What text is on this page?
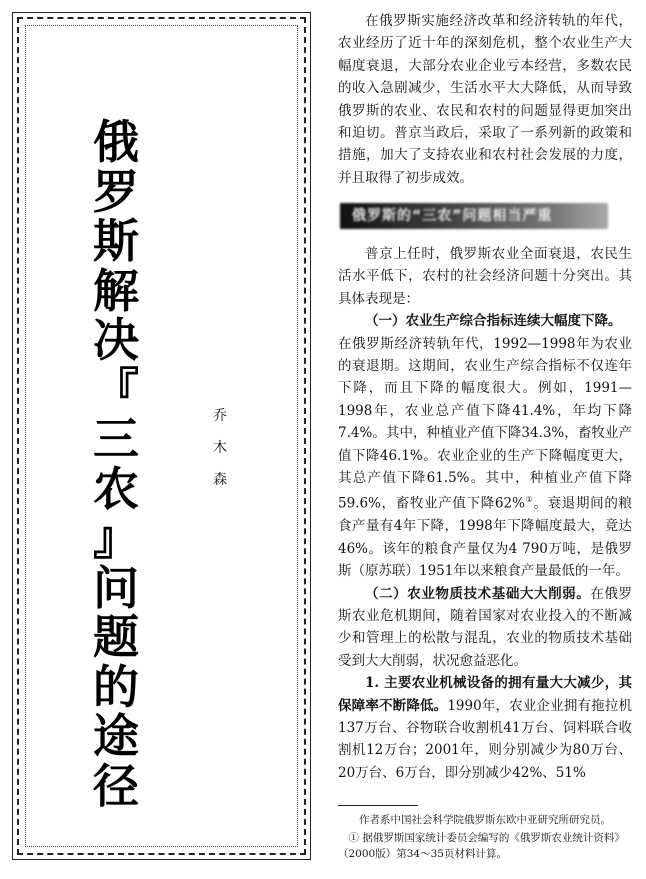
俄
罗
斯
解
决
『
三
农
』
问
题
的
途
径
乔
木
森

在俄罗斯实施经济改革和经济转轨的年代，农业经历了近十年的深刻危机，整个农业生产大幅度衰退，大部分农业企业亏本经营，多数农民的收入急剧减少，生活水平大大降低，从而导致俄罗斯的农业、农民和农村的问题显得更加突出和迫切。普京当政后，采取了一系列新的政策和措施，加大了支持农业和农村社会发展的力度，并且取得了初步成效。

俄罗斯的“三农”问题相当严重

普京上任时，俄罗斯农业全面衰退，农民生活水平低下，农村的社会经济问题十分突出。其具体表现是：

（一）农业生产综合指标连续大幅度下降。

在俄罗斯经济转轨年代，1992—1998年为农业的衰退期。这期间，农业生产综合指标不仅连年下降，而且下降的幅度很大。例如，1991—1998年，农业总产值下降41.4%，年均下降7.4%。其中，种植业产值下降34.3%，畜牧业产值下降46.1%。农业企业的生产下降幅度更大，其总产值下降61.5%。其中，种植业产值下降59.6%，畜牧业产值下降62%①。衰退期间的粮食产量有4年下降，1998年下降幅度最大，竟达46%。该年的粮食产量仅为4 790万吨，是俄罗斯（原苏联）1951年以来粮食产量最低的一年。

（二）农业物质技术基础大大削弱。在俄罗斯农业危机期间，随着国家对农业投入的不断减少和管理上的松散与混乱，农业的物质技术基础受到大大削弱，状况愈益恶化。

1. 主要农业机械设备的拥有量大大减少，其保障率不断降低。1990年，农业企业拥有拖拉机137万台、谷物联合收割机41万台、饲料联合收割机12万台；2001年，则分别减少为80万台、20万台、6万台，即分别减少42%、51%

作者系中国社会科学院俄罗斯东欧中亚研究所研究员。
① 据俄罗斯国家统计委员会编写的《俄罗斯农业统计资料》（2000版）第34～35页材料计算。
